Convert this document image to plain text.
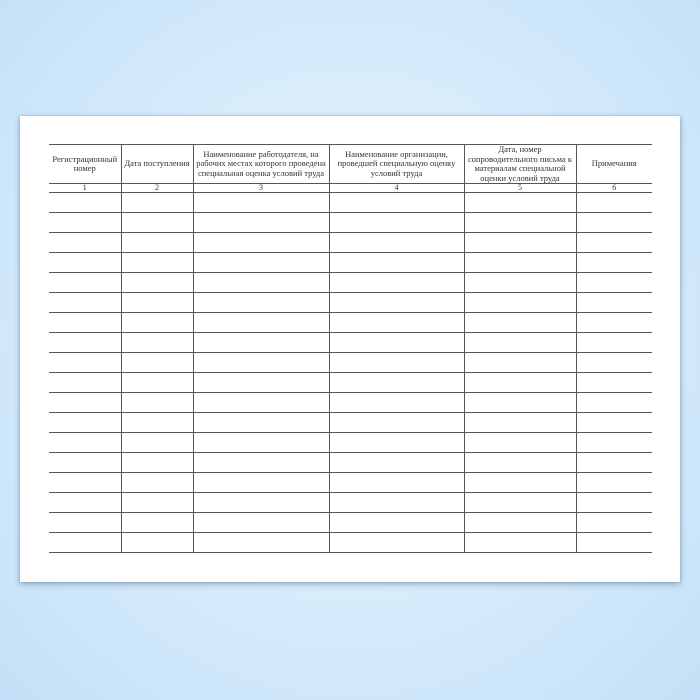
Регистрационный номер	Дата поступления	Наименование работодателя, на рабочих местах которого проведена специальная оценка условий труда	Наименование организации, проведшей специальную оценку условий труда	Дата, номер сопроводительного письма к материалам специальной оценки условий труда	Примечания
1	2	3	4	5	6
